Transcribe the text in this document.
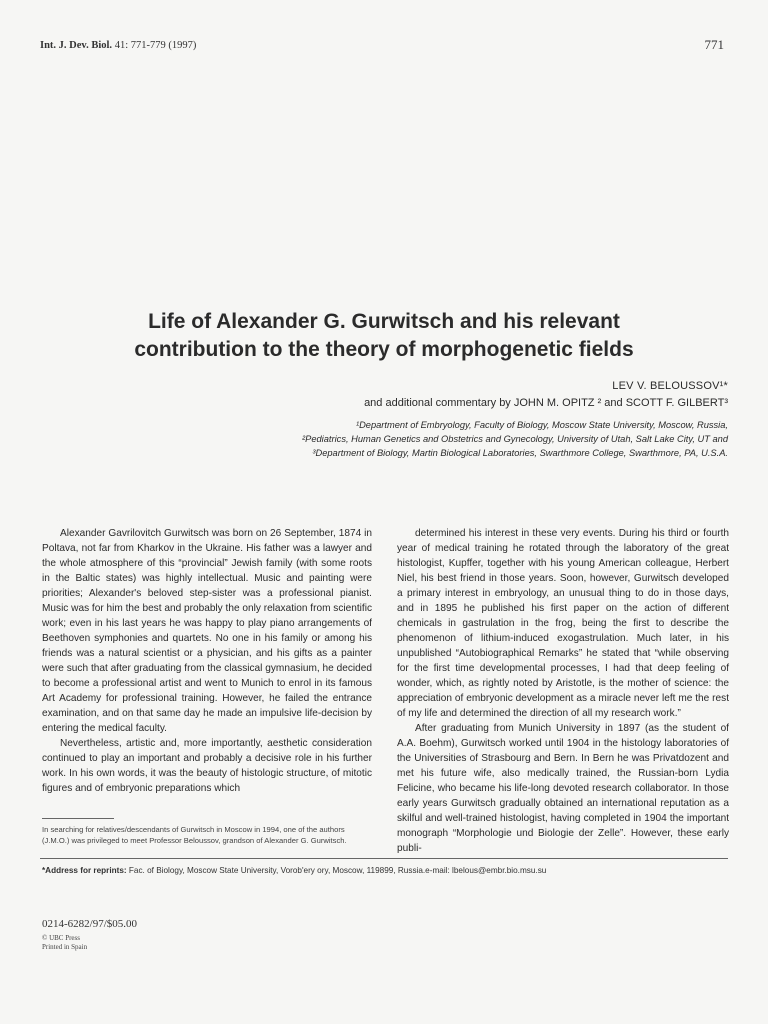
Int. J. Dev. Biol. 41: 771-779 (1997)	771
Life of Alexander G. Gurwitsch and his relevant
contribution to the theory of morphogenetic fields
LEV V. BELOUSSOV¹*
and additional commentary by JOHN M. OPITZ ² and SCOTT F. GILBERT³
¹Department of Embryology, Faculty of Biology, Moscow State University, Moscow, Russia,
²Pediatrics, Human Genetics and Obstetrics and Gynecology, University of Utah, Salt Lake City, UT and
³Department of Biology, Martin Biological Laboratories, Swarthmore College, Swarthmore, PA, U.S.A.

Alexander Gavrilovitch Gurwitsch was born on 26 September, 1874 in Poltava, not far from Kharkov in the Ukraine. His father was a lawyer and the whole atmosphere of this “provincial” Jewish family (with some roots in the Baltic states) was highly intellectual. Music and painting were priorities; Alexander's beloved step-sister was a professional pianist. Music was for him the best and probably the only relaxation from scientific work; even in his last years he was happy to play piano arrangements of Beethoven symphonies and quartets. No one in his family or among his friends was a natural scientist or a physician, and his gifts as a painter were such that after graduating from the classical gymnasium, he decided to become a professional artist and went to Munich to enrol in its famous Art Academy for professional training. However, he failed the entrance examination, and on that same day he made an impulsive life-decision by entering the medical faculty.

Nevertheless, artistic and, more importantly, aesthetic consideration continued to play an important and probably a decisive role in his further work. In his own words, it was the beauty of histologic structure, of mitotic figures and of embryonic preparations which

determined his interest in these very events. During his third or fourth year of medical training he rotated through the laboratory of the great histologist, Kupffer, together with his young American colleague, Herbert Niel, his best friend in those years. Soon, however, Gurwitsch developed a primary interest in embryology, an unusual thing to do in those days, and in 1895 he published his first paper on the action of different chemicals in gastrulation in the frog, being the first to describe the phenomenon of lithium-induced exogastrulation. Much later, in his unpublished “Autobiographical Remarks” he stated that “while observing for the first time developmental processes, I had that deep feeling of wonder, which, as rightly noted by Aristotle, is the mother of science: the appreciation of embryonic development as a miracle never left me the rest of my life and determined the direction of all my research work.”

After graduating from Munich University in 1897 (as the student of A.A. Boehm), Gurwitsch worked until 1904 in the histology laboratories of the Universities of Strasbourg and Bern. In Bern he was Privatdozent and met his future wife, also medically trained, the Russian-born Lydia Felicine, who became his life-long devoted research collaborator. In those early years Gurwitsch gradually obtained an international reputation as a skilful and well-trained histologist, having completed in 1904 the important monograph “Morphologie und Biologie der Zelle”. However, these early publi-

In searching for relatives/descendants of Gurwitsch in Moscow in 1994, one of the authors (J.M.O.) was privileged to meet Professor Beloussov, grandson of Alexander G. Gurwitsch.
*Address for reprints: Fac. of Biology, Moscow State University, Vorob'ery ory, Moscow, 119899, Russia.e-mail: lbelous@embr.bio.msu.su
0214-6282/97/$05.00
© UBC Press
Printed in Spain
